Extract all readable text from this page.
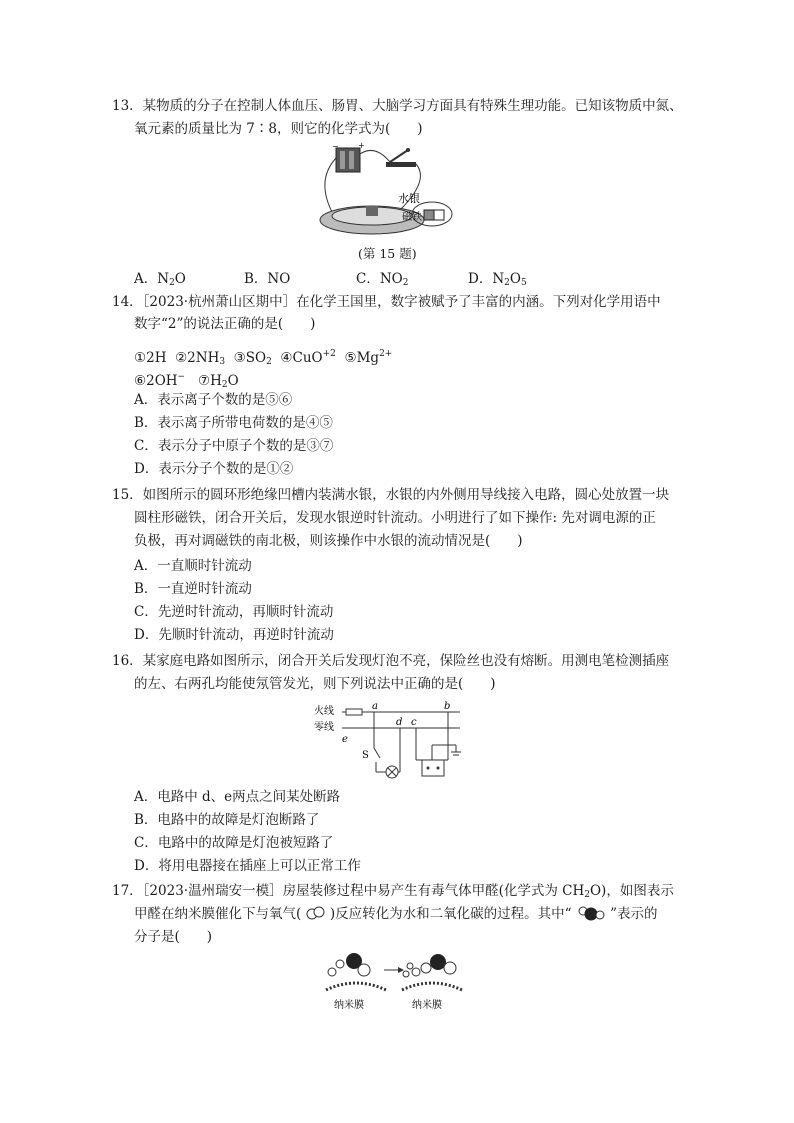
13．某物质的分子在控制人体血压、肠胃、大脑学习方面具有特殊生理功能。已知该物质中氮、
氧元素的质量比为 7∶8，则它的化学式为(　　)
− +
水银
磁铁
(第 15 题)
A．$N_2O$	B．NO	C．$NO_2$	D．$N_2O_5$
14．［2023·杭州萧山区期中］在化学王国里，数字被赋予了丰富的内涵。下列对化学用语中
数字“2”的说法正确的是(　　)
①2H $②2NH_3$ $③SO_2$ ④CuO$^{+2}$ $⑤Mg^{2+}$
⑥2OH− $⑦H_2O$
A．表示离子个数的是⑤⑥
B．表示离子所带电荷数的是④⑤
C．表示分子中原子个数的是③⑦
D．表示分子个数的是①②
15．如图所示的圆环形绝缘凹槽内装满水银，水银的内外侧用导线接入电路，圆心处放置一块
圆柱形磁铁，闭合开关后，发现水银逆时针流动。小明进行了如下操作: 先对调电源的正
负极，再对调磁铁的南北极，则该操作中水银的流动情况是(　　)
A．一直顺时针流动
B．一直逆时针流动
C．先逆时针流动，再顺时针流动
D．先顺时针流动，再逆时针流动
16．某家庭电路如图所示，闭合开关后发现灯泡不亮，保险丝也没有熔断。用测电笔检测插座
的左、右两孔均能使氖管发光，则下列说法中正确的是(　　)
火线
零线
a	b
d c
e
S
A．电路中 d、e两点之间某处断路
B．电路中的故障是灯泡断路了
C．电路中的故障是灯泡被短路了
D．将用电器接在插座上可以正常工作
17．［2023·温州瑞安一模］房屋装修过程中易产生有毒气体甲醛(化学式为 $CH_2O$)，如图表示
甲醛在纳米膜催化下与氧气( )反应转化为水和二氧化碳的过程。其中“	”表示的
分子是(　　)
纳米膜	纳米膜
